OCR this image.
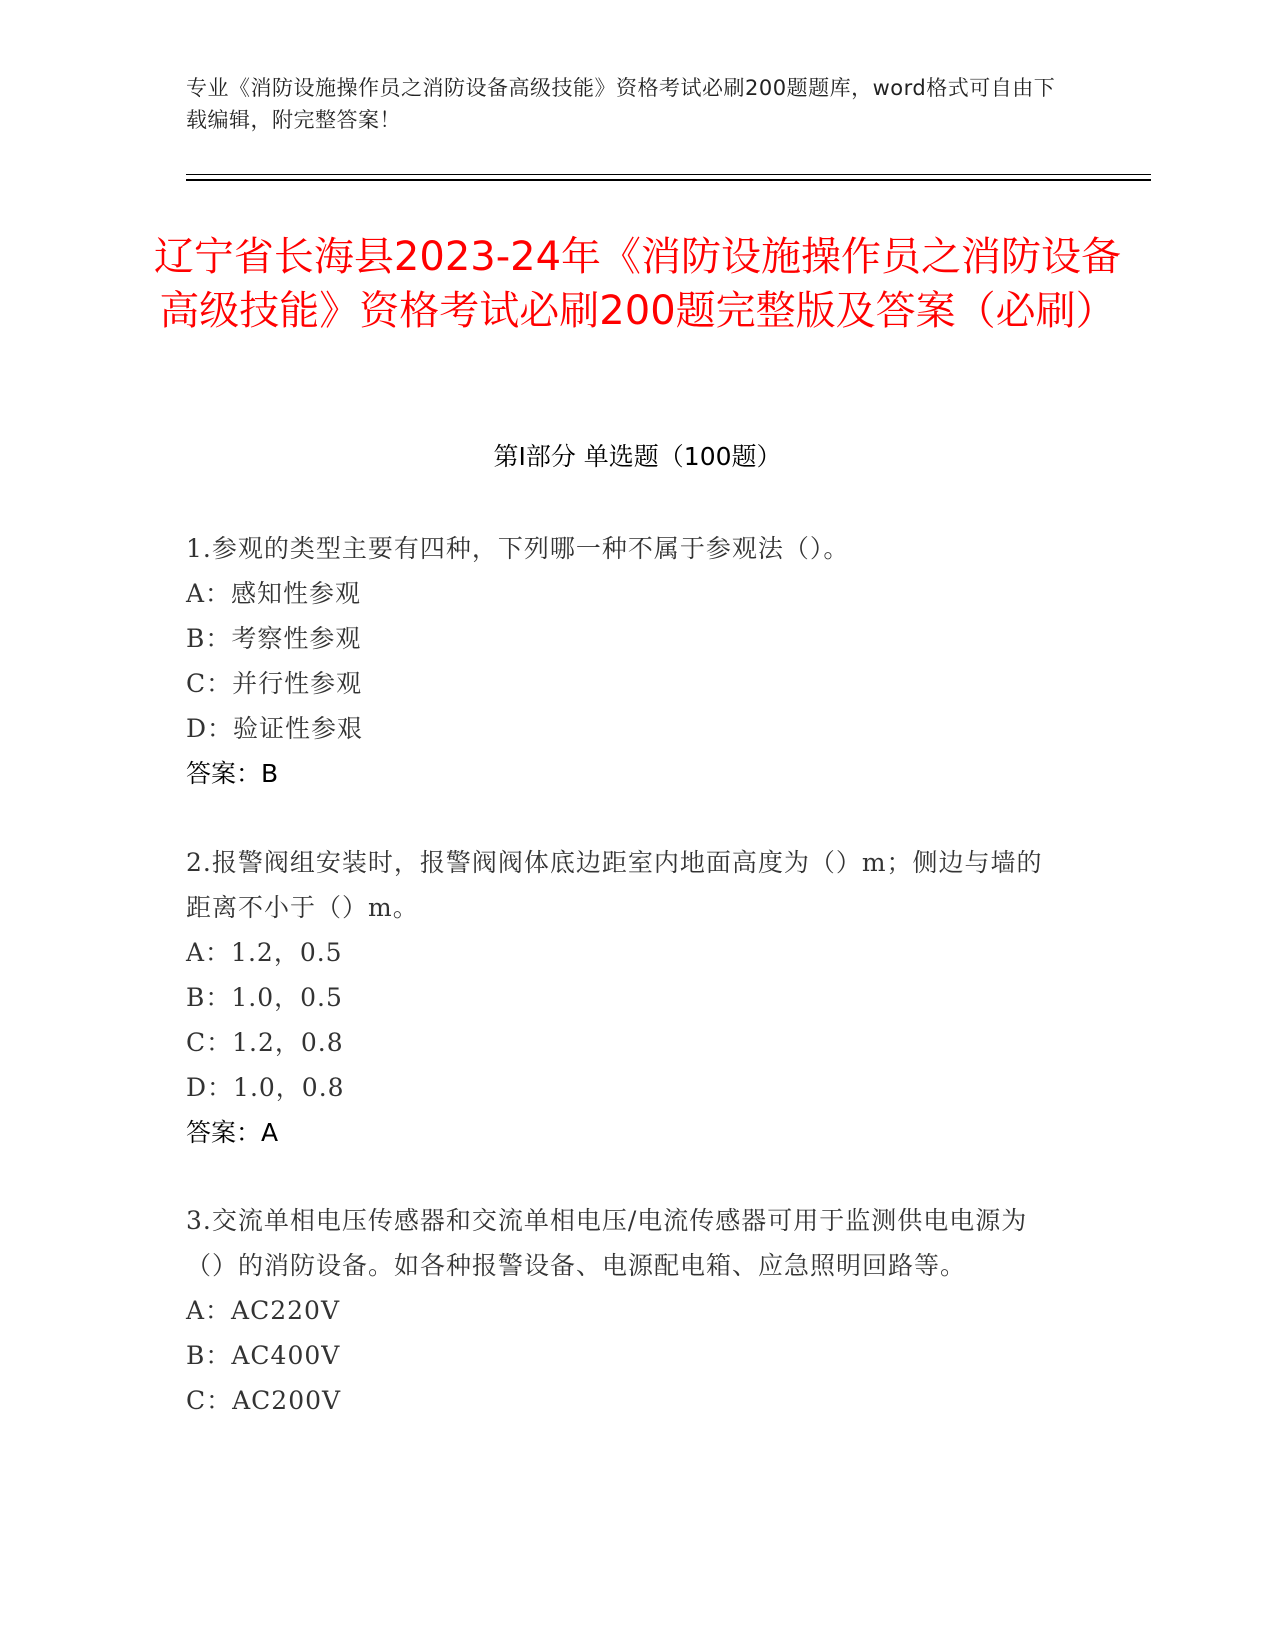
专业《消防设施操作员之消防设备高级技能》资格考试必刷200题题库，word格式可自由下载编辑，附完整答案！
辽宁省长海县2023-24年《消防设施操作员之消防设备高级技能》资格考试必刷200题完整版及答案（必刷）
第Ⅰ部分 单选题（100题）
1.参观的类型主要有四种，下列哪一种不属于参观法（）。
A：感知性参观
B：考察性参观
C：并行性参观
D：验证性参艰
答案：B
2.报警阀组安装时，报警阀阀体底边距室内地面高度为（）m；侧边与墙的距离不小于（）m。
A：1.2，0.5
B：1.0，0.5
C：1.2，0.8
D：1.0，0.8
答案：A
3.交流单相电压传感器和交流单相电压/电流传感器可用于监测供电电源为（）的消防设备。如各种报警设备、电源配电箱、应急照明回路等。
A：AC220V
B：AC400V
C：AC200V
